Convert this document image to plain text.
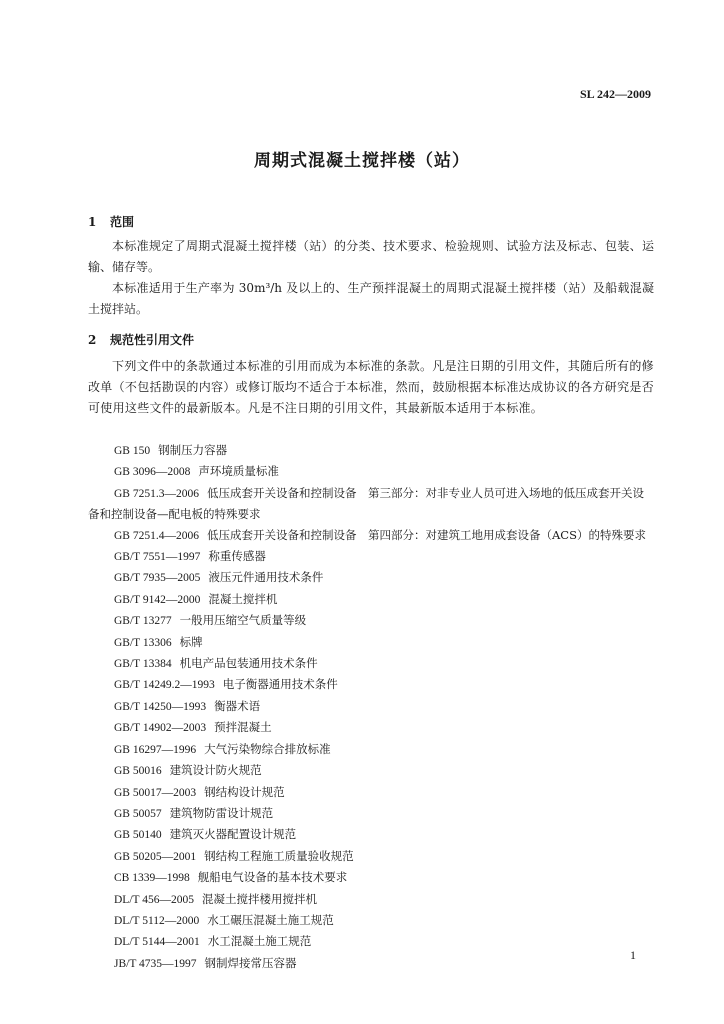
SL 242—2009
周期式混凝土搅拌楼（站）
1 范围

本标准规定了周期式混凝土搅拌楼（站）的分类、技术要求、检验规则、试验方法及标志、包装、运输、储存等。

本标准适用于生产率为 30m³/h 及以上的、生产预拌混凝土的周期式混凝土搅拌楼（站）及船载混凝土搅拌站。

2 规范性引用文件

下列文件中的条款通过本标准的引用而成为本标准的条款。凡是注日期的引用文件，其随后所有的修改单（不包括勘误的内容）或修订版均不适合于本标准，然而，鼓励根据本标准达成协议的各方研究是否可使用这些文件的最新版本。凡是不注日期的引用文件，其最新版本适用于本标准。

GB 150 钢制压力容器
GB 3096—2008 声环境质量标准
GB 7251.3—2006 低压成套开关设备和控制设备　第三部分：对非专业人员可进入场地的低压成套开关设备和控制设备—配电板的特殊要求
GB 7251.4—2006 低压成套开关设备和控制设备　第四部分：对建筑工地用成套设备（ACS）的特殊要求
GB/T 7551—1997 称重传感器
GB/T 7935—2005 液压元件通用技术条件
GB/T 9142—2000 混凝土搅拌机
GB/T 13277 一般用压缩空气质量等级
GB/T 13306 标牌
GB/T 13384 机电产品包装通用技术条件
GB/T 14249.2—1993 电子衡器通用技术条件
GB/T 14250—1993 衡器术语
GB/T 14902—2003 预拌混凝土
GB 16297—1996 大气污染物综合排放标准
GB 50016 建筑设计防火规范
GB 50017—2003 钢结构设计规范
GB 50057 建筑物防雷设计规范
GB 50140 建筑灭火器配置设计规范
GB 50205—2001 钢结构工程施工质量验收规范
CB 1339—1998 舰船电气设备的基本技术要求
DL/T 456—2005 混凝土搅拌楼用搅拌机
DL/T 5112—2000 水工碾压混凝土施工规范
DL/T 5144—2001 水工混凝土施工规范
JB/T 4735—1997 钢制焊接常压容器
1
